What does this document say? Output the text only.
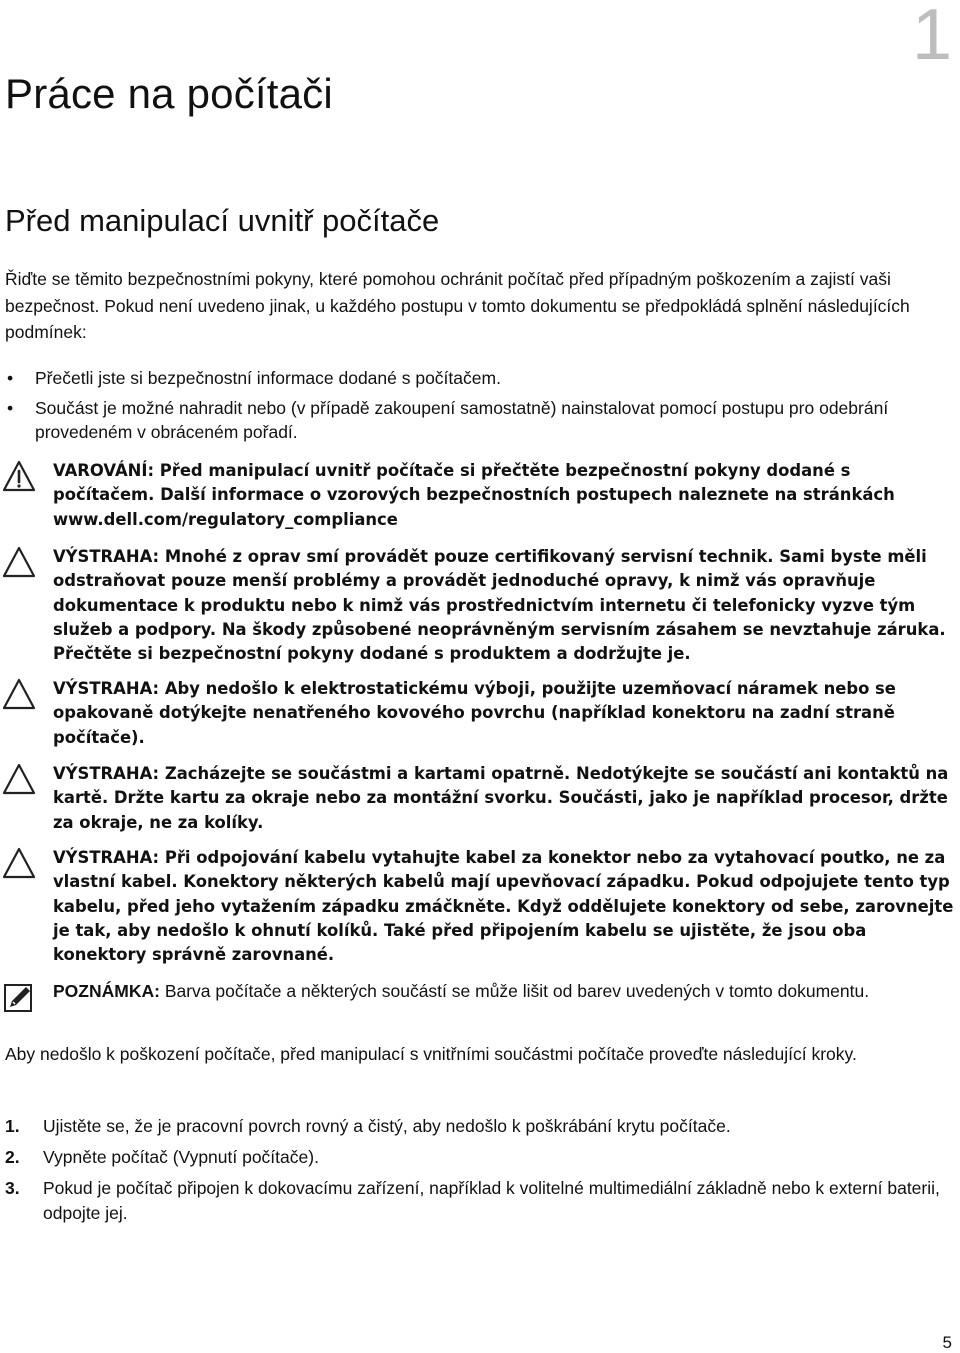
1
Práce na počítači
Před manipulací uvnitř počítače

Řiďte se těmito bezpečnostními pokyny, které pomohou ochránit počítač před případným poškozením a zajistí vaši bezpečnost. Pokud není uvedeno jinak, u každého postupu v tomto dokumentu se předpokládá splnění následujících podmínek:

• Přečetli jste si bezpečnostní informace dodané s počítačem.
• Součást je možné nahradit nebo (v případě zakoupení samostatně) nainstalovat pomocí postupu pro odebrání provedeném v obráceném pořadí.
VAROVÁNÍ: Před manipulací uvnitř počítače si přečtěte bezpečnostní pokyny dodané s počítačem. Další informace o vzorových bezpečnostních postupech naleznete na stránkách www.dell.com/regulatory_compliance
VÝSTRAHA: Mnohé z oprav smí provádět pouze certifikovaný servisní technik. Sami byste měli odstraňovat pouze menší problémy a provádět jednoduché opravy, k nimž vás opravňuje dokumentace k produktu nebo k nimž vás prostřednictvím internetu či telefonicky vyzve tým služeb a podpory. Na škody způsobené neoprávněným servisním zásahem se nevztahuje záruka. Přečtěte si bezpečnostní pokyny dodané s produktem a dodržujte je.
VÝSTRAHA: Aby nedošlo k elektrostatickému výboji, použijte uzemňovací náramek nebo se opakovaně dotýkejte nenatřeného kovového povrchu (například konektoru na zadní straně počítače).
VÝSTRAHA: Zacházejte se součástmi a kartami opatrně. Nedotýkejte se součástí ani kontaktů na kartě. Držte kartu za okraje nebo za montážní svorku. Součásti, jako je například procesor, držte za okraje, ne za kolíky.
VÝSTRAHA: Při odpojování kabelu vytahujte kabel za konektor nebo za vytahovací poutko, ne za vlastní kabel. Konektory některých kabelů mají upevňovací západku. Pokud odpojujete tento typ kabelu, před jeho vytažením západku zmáčkněte. Když oddělujete konektory od sebe, zarovnejte je tak, aby nedošlo k ohnutí kolíků. Také před připojením kabelu se ujistěte, že jsou oba konektory správně zarovnané.
POZNÁMKA: Barva počítače a některých součástí se může lišit od barev uvedených v tomto dokumentu.

Aby nedošlo k poškození počítače, před manipulací s vnitřními součástmi počítače proveďte následující kroky.

1. Ujistěte se, že je pracovní povrch rovný a čistý, aby nedošlo k poškrábání krytu počítače.
2. Vypněte počítač (Vypnutí počítače).
3. Pokud je počítač připojen k dokovacímu zařízení, například k volitelné multimediální základně nebo k externí baterii, odpojte jej.
5
